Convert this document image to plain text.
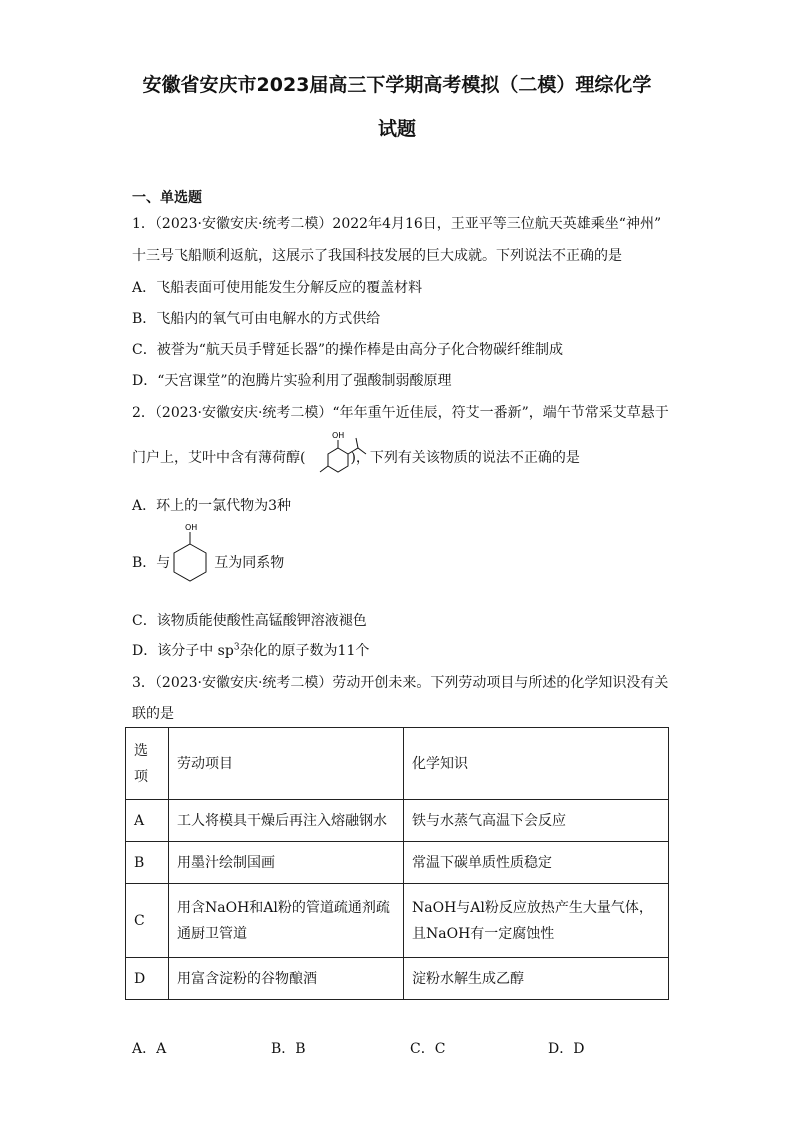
安徽省安庆市2023届高三下学期高考模拟（二模）理综化学
试题
一、单选题
1．（2023·安徽安庆·统考二模）2022年4月16日，王亚平等三位航天英雄乘坐“神州”
十三号飞船顺利返航，这展示了我国科技发展的巨大成就。下列说法不正确的是
A．飞船表面可使用能发生分解反应的覆盖材料
B．飞船内的氧气可由电解水的方式供给
C．被誉为“航天员手臂延长器”的操作棒是由高分子化合物碳纤维制成
D．“天宫课堂”的泡腾片实验利用了强酸制弱酸原理
2．（2023·安徽安庆·统考二模）“年年重午近佳辰，符艾一番新”，端午节常采艾草悬于
门户上，艾叶中含有薄荷醇(	)，下列有关该物质的说法不正确的是
OH
A．环上的一氯代物为3种
B．与	互为同系物
OH
C．该物质能使酸性高锰酸钾溶液褪色
D．该分子中 $sp^3$杂化的原子数为11个
3．（2023·安徽安庆·统考二模）劳动开创未来。下列劳动项目与所述的化学知识没有关
联的是
选项	劳动项目	化学知识
A	工人将模具干燥后再注入熔融钢水	铁与水蒸气高温下会反应
B	用墨汁绘制国画	常温下碳单质性质稳定
C	用含NaOH和Al粉的管道疏通剂疏通厨卫管道	NaOH与Al粉反应放热产生大量气体，且NaOH有一定腐蚀性
D	用富含淀粉的谷物酿酒	淀粉水解生成乙醇
A．A	B．B	C．C	D．D
